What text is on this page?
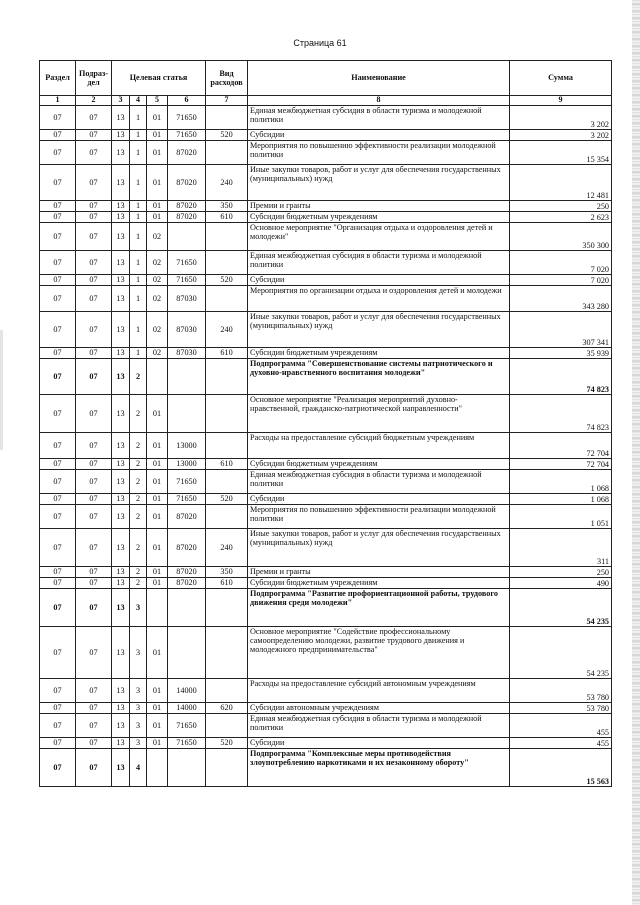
Страница 61
Раздел	Подраз-дел	Целевая статья				Вид расходов	Наименование	Сумма
1	2	3	4	5	6	7	8	9
07	07	13	1	01	71650		Единая межбюджетная субсидия в области туризма и молодежной политики	3 202
07	07	13	1	01	71650	520	Субсидии	3 202
07	07	13	1	01	87020		Мероприятия по повышению эффективности реализации молодежной политики	15 354
07	07	13	1	01	87020	240	Иные закупки товаров, работ и услуг для обеспечения государственных (муниципальных) нужд	12 481
07	07	13	1	01	87020	350	Премии и гранты	250
07	07	13	1	01	87020	610	Субсидии бюджетным учреждениям	2 623
07	07	13	1	02			Основное мероприятие "Организация отдыха и оздоровления детей и молодежи"	350 300
07	07	13	1	02	71650		Единая межбюджетная субсидия в области туризма и молодежной политики	7 020
07	07	13	1	02	71650	520	Субсидии	7 020
07	07	13	1	02	87030		Мероприятия по организации отдыха и оздоровления детей и молодежи	343 280
07	07	13	1	02	87030	240	Иные закупки товаров, работ и услуг для обеспечения государственных (муниципальных) нужд	307 341
07	07	13	1	02	87030	610	Субсидии бюджетным учреждениям	35 939
07	07	13	2				Подпрограмма "Совершенствование системы патриотического и духовно-нравственного воспитания молодежи"	74 823
07	07	13	2	01			Основное мероприятие "Реализация мероприятий духовно-нравственной, гражданско-патриотической направленности"	74 823
07	07	13	2	01	13000		Расходы на предоставление субсидий бюджетным учреждениям	72 704
07	07	13	2	01	13000	610	Субсидии бюджетным учреждениям	72 704
07	07	13	2	01	71650		Единая межбюджетная субсидия в области туризма и молодежной политики	1 068
07	07	13	2	01	71650	520	Субсидии	1 068
07	07	13	2	01	87020		Мероприятия по повышению эффективности реализации молодежной политики	1 051
07	07	13	2	01	87020	240	Иные закупки товаров, работ и услуг для обеспечения государственных (муниципальных) нужд	311
07	07	13	2	01	87020	350	Премии и гранты	250
07	07	13	2	01	87020	610	Субсидии бюджетным учреждениям	490
07	07	13	3				Подпрограмма "Развитие профориентационной работы, трудового движения среди молодежи"	54 235
07	07	13	3	01			Основное мероприятие "Содействие профессиональному самоопределению молодежи, развитие трудового движения и молодежного предпринимательства"	54 235
07	07	13	3	01	14000		Расходы на предоставление субсидий автономным учреждениям	53 780
07	07	13	3	01	14000	620	Субсидии автономным учреждениям	53 780
07	07	13	3	01	71650		Единая межбюджетная субсидия в области туризма и молодежной политики	455
07	07	13	3	01	71650	520	Субсидии	455
07	07	13	4				Подпрограмма "Комплексные меры противодействия злоупотреблению наркотиками и их незаконному обороту"	15 563
